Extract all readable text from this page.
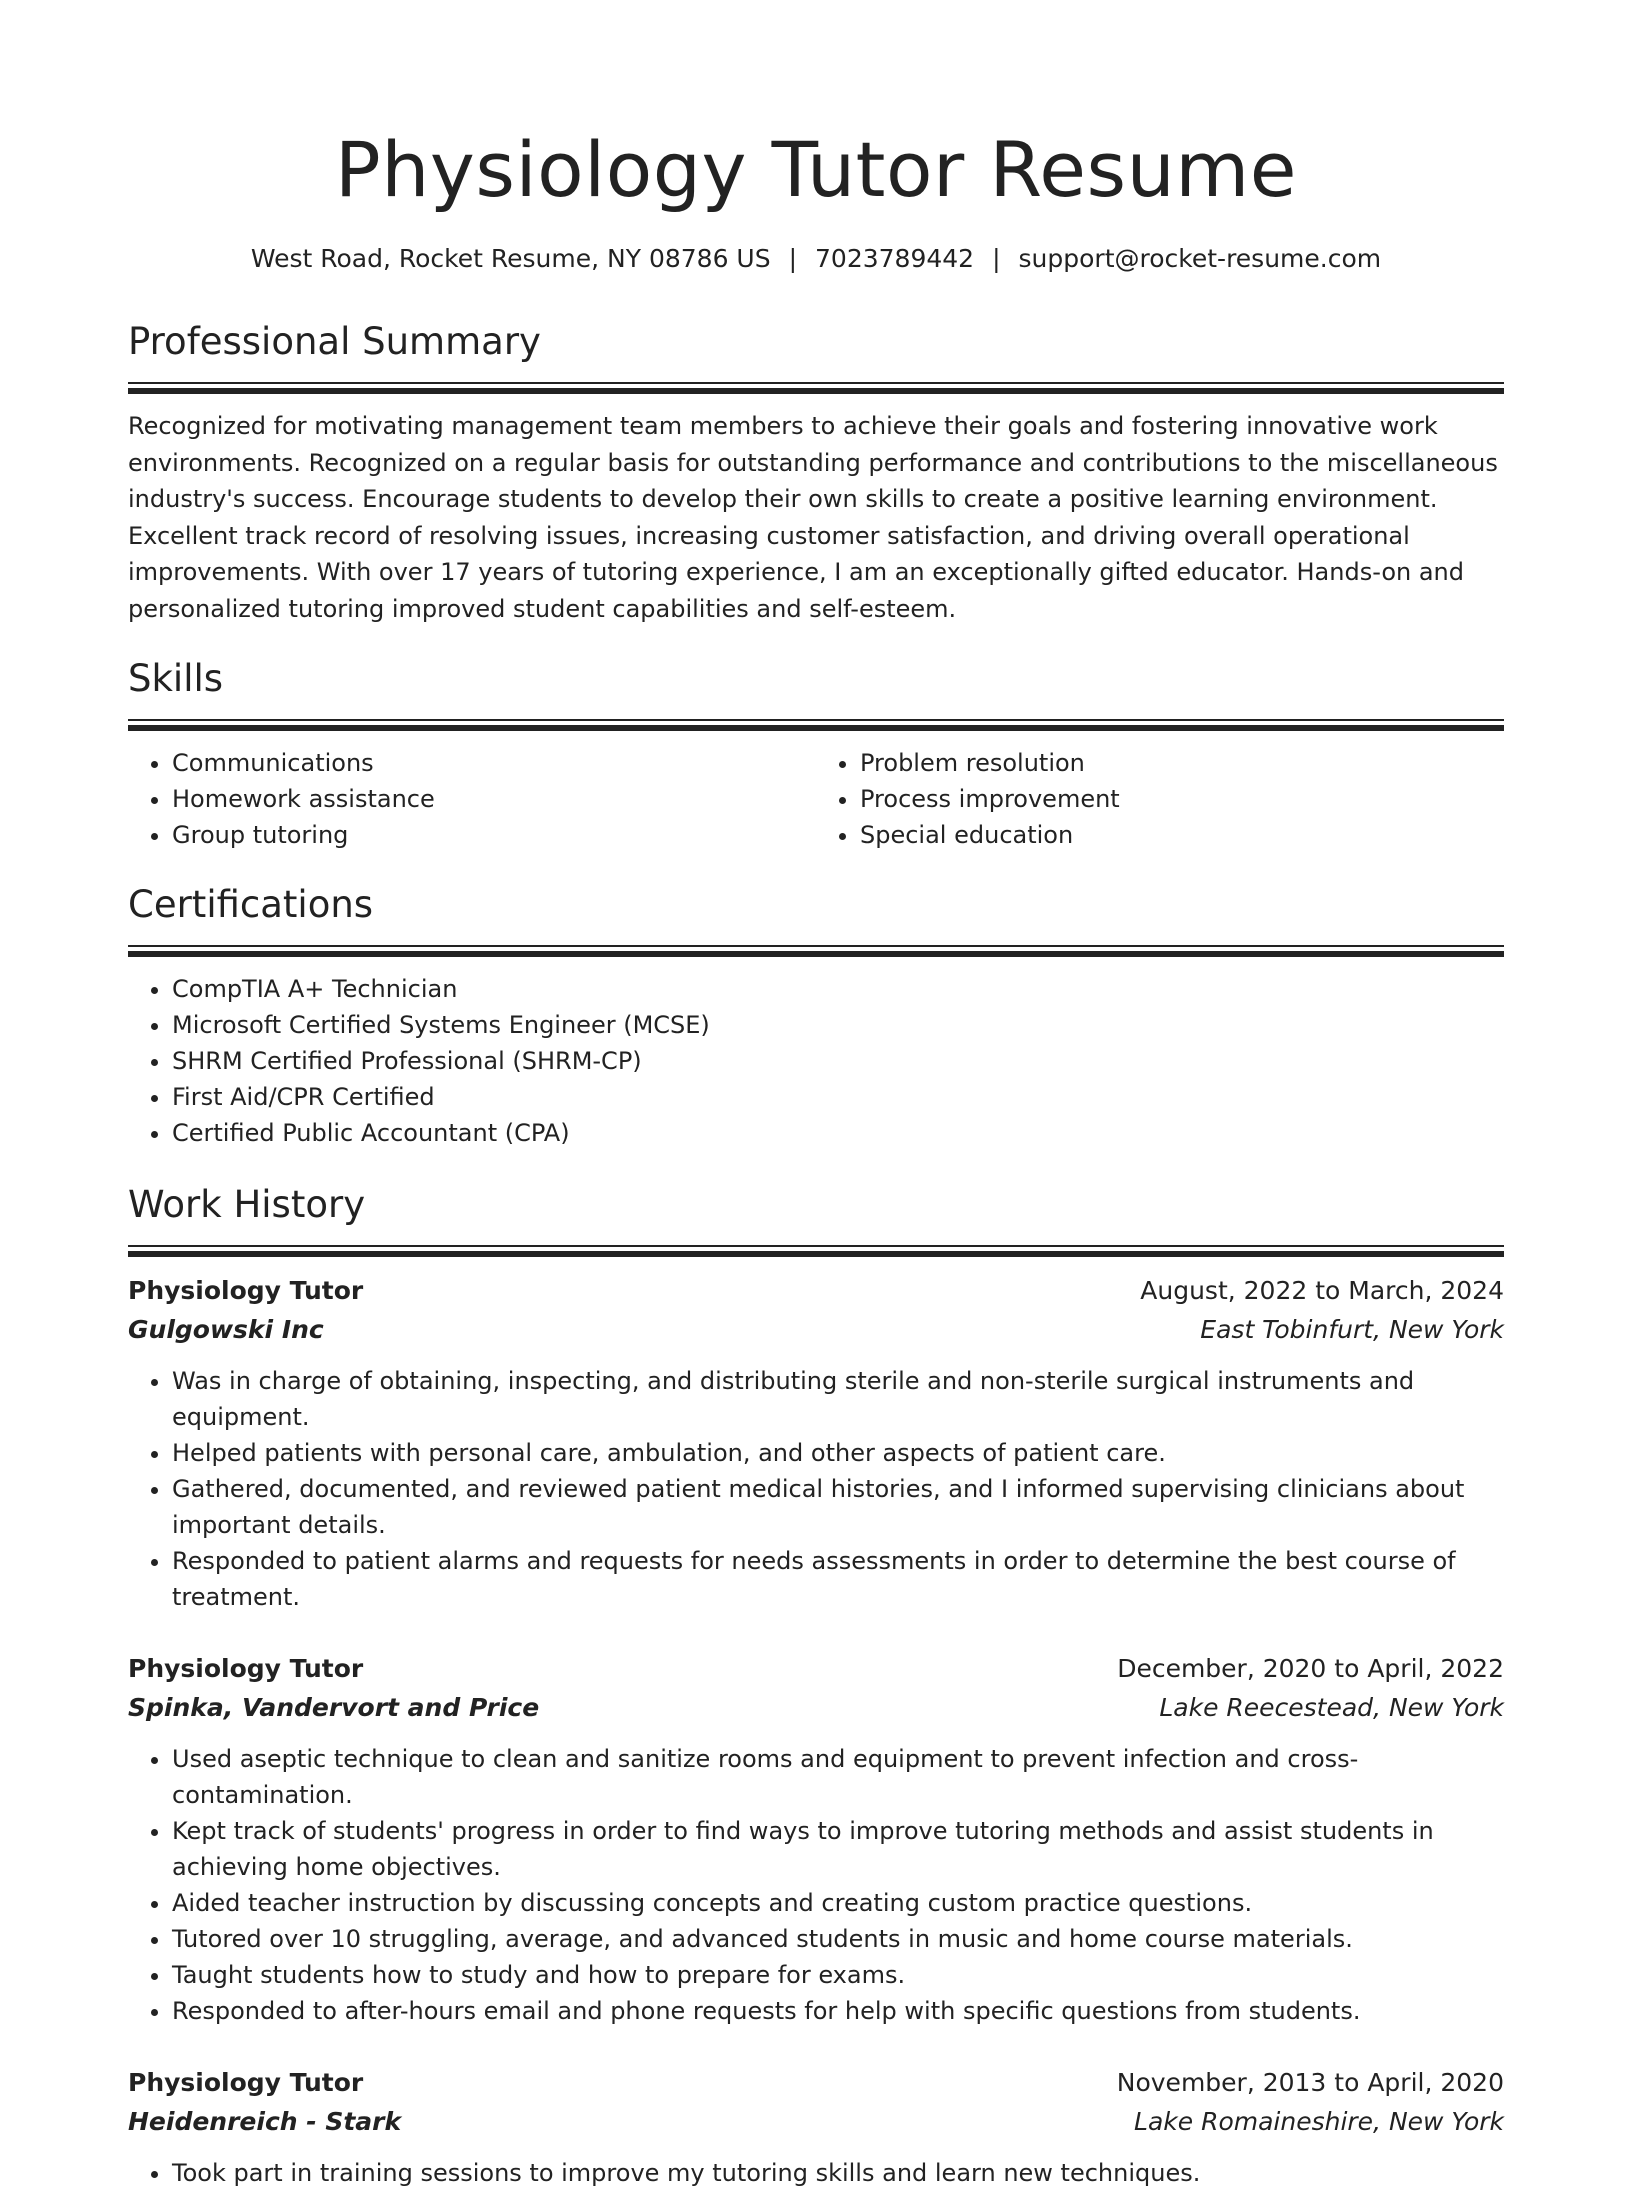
Physiology Tutor Resume
West Road, Rocket Resume, NY 08786 US | 7023789442 | support@rocket-resume.com
Professional Summary
Recognized for motivating management team members to achieve their goals and fostering innovative work environments. Recognized on a regular basis for outstanding performance and contributions to the miscellaneous industry's success. Encourage students to develop their own skills to create a positive learning environment. Excellent track record of resolving issues, increasing customer satisfaction, and driving overall operational improvements. With over 17 years of tutoring experience, I am an exceptionally gifted educator. Hands-on and personalized tutoring improved student capabilities and self-esteem.
Skills
• Communications
• Homework assistance
• Group tutoring
• Problem resolution
• Process improvement
• Special education
Certifications
• CompTIA A+ Technician
• Microsoft Certified Systems Engineer (MCSE)
• SHRM Certified Professional (SHRM-CP)
• First Aid/CPR Certified
• Certified Public Accountant (CPA)
Work History
Physiology Tutor	August, 2022 to March, 2024
Gulgowski Inc	East Tobinfurt, New York
• Was in charge of obtaining, inspecting, and distributing sterile and non-sterile surgical instruments and equipment.
• Helped patients with personal care, ambulation, and other aspects of patient care.
• Gathered, documented, and reviewed patient medical histories, and I informed supervising clinicians about important details.
• Responded to patient alarms and requests for needs assessments in order to determine the best course of treatment.
Physiology Tutor	December, 2020 to April, 2022
Spinka, Vandervort and Price	Lake Reecestead, New York
• Used aseptic technique to clean and sanitize rooms and equipment to prevent infection and cross-contamination.
• Kept track of students' progress in order to find ways to improve tutoring methods and assist students in achieving home objectives.
• Aided teacher instruction by discussing concepts and creating custom practice questions.
• Tutored over 10 struggling, average, and advanced students in music and home course materials.
• Taught students how to study and how to prepare for exams.
• Responded to after-hours email and phone requests for help with specific questions from students.
Physiology Tutor	November, 2013 to April, 2020
Heidenreich - Stark	Lake Romaineshire, New York
• Took part in training sessions to improve my tutoring skills and learn new techniques.
